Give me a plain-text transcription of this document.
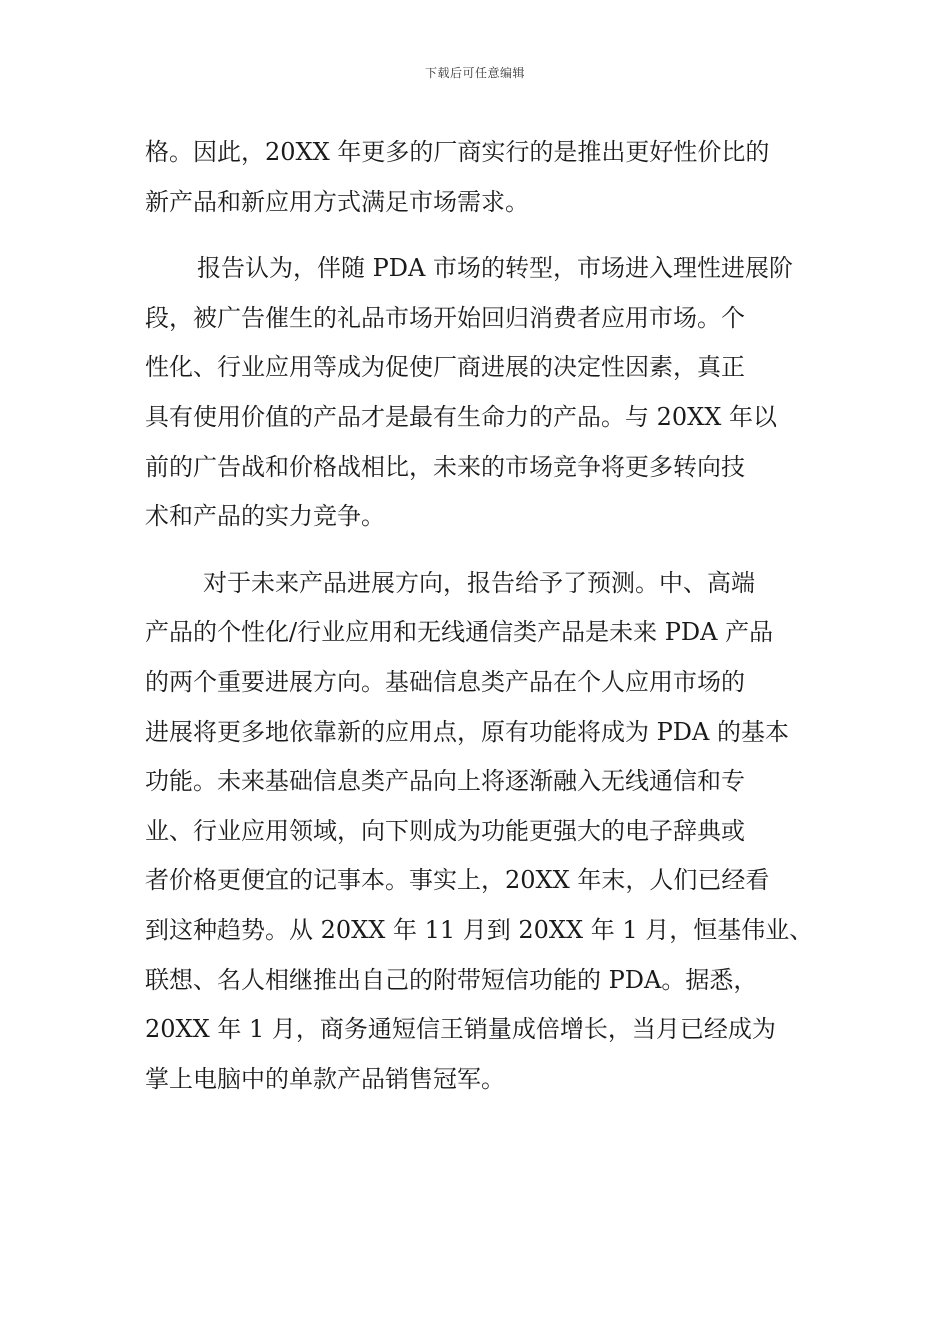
下载后可任意编辑
格。因此，20XX 年更多的厂商实行的是推出更好性价比的
新产品和新应用方式满足市场需求。
报告认为，伴随 PDA 市场的转型，市场进入理性进展阶
段，被广告催生的礼品市场开始回归消费者应用市场。个
性化、行业应用等成为促使厂商进展的决定性因素，真正
具有使用价值的产品才是最有生命力的产品。与 20XX 年以
前的广告战和价格战相比，未来的市场竞争将更多转向技
术和产品的实力竞争。
对于未来产品进展方向，报告给予了预测。中、高端
产品的个性化/行业应用和无线通信类产品是未来 PDA 产品
的两个重要进展方向。基础信息类产品在个人应用市场的
进展将更多地依靠新的应用点，原有功能将成为 PDA 的基本
功能。未来基础信息类产品向上将逐渐融入无线通信和专
业、行业应用领域，向下则成为功能更强大的电子辞典或
者价格更便宜的记事本。事实上，20XX 年末，人们已经看
到这种趋势。从 20XX 年 11 月到 20XX 年 1 月，恒基伟业、
联想、名人相继推出自己的附带短信功能的 PDA。据悉，
20XX 年 1 月，商务通短信王销量成倍增长，当月已经成为
掌上电脑中的单款产品销售冠军。
